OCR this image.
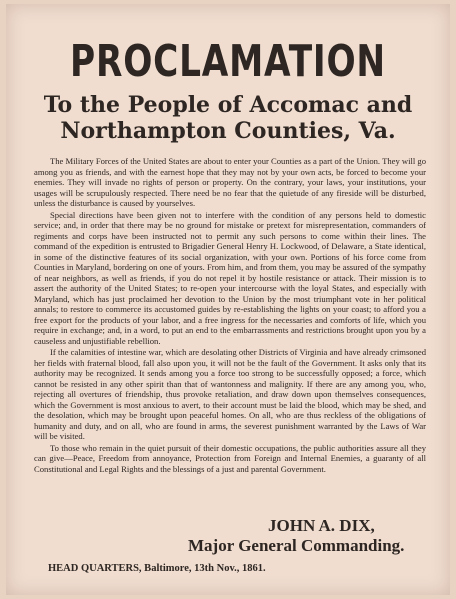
PROCLAMATION
To the People of Accomac and
Northampton Counties, Va.

The Military Forces of the United States are about to enter your Counties as a part of the Union. They will go among you as friends, and with the earnest hope that they may not by your own acts, be forced to become your enemies. They will invade no rights of person or property. On the contrary, your laws, your institutions, your usages will be scrupulously respected. There need be no fear that the quietude of any fireside will be disturbed, unless the disturbance is caused by yourselves.

Special directions have been given not to interfere with the condition of any persons held to domestic service; and, in order that there may be no ground for mistake or pretext for misrepresentation, commanders of regiments and corps have been instructed not to permit any such persons to come within their lines. The command of the expedition is entrusted to Brigadier General Henry H. Lockwood, of Delaware, a State identical, in some of the distinctive features of its social organization, with your own. Portions of his force come from Counties in Maryland, bordering on one of yours. From him, and from them, you may be assured of the sympathy of near neighbors, as well as friends, if you do not repel it by hostile resistance or attack. Their mission is to assert the authority of the United States; to re-open your intercourse with the loyal States, and especially with Maryland, which has just proclaimed her devotion to the Union by the most triumphant vote in her political annals; to restore to commerce its accustomed guides by re-establishing the lights on your coast; to afford you a free export for the products of your labor, and a free ingress for the necessaries and comforts of life, which you require in exchange; and, in a word, to put an end to the embarrassments and restrictions brought upon you by a causeless and unjustifiable rebellion.

If the calamities of intestine war, which are desolating other Districts of Virginia and have already crimsoned her fields with fraternal blood, fall also upon you, it will not be the fault of the Government. It asks only that its authority may be recognized. It sends among you a force too strong to be successfully opposed; a force, which cannot be resisted in any other spirit than that of wantonness and malignity. If there are any among you, who, rejecting all overtures of friendship, thus provoke retaliation, and draw down upon themselves consequences, which the Government is most anxious to avert, to their account must be laid the blood, which may be shed, and the desolation, which may be brought upon peaceful homes. On all, who are thus reckless of the obligations of humanity and duty, and on all, who are found in arms, the severest punishment warranted by the Laws of War will be visited.

To those who remain in the quiet pursuit of their domestic occupations, the public authorities assure all they can give—Peace, Freedom from annoyance, Protection from Foreign and Internal Enemies, a guaranty of all Constitutional and Legal Rights and the blessings of a just and parental Government.

JOHN A. DIX,
Major General Commanding.
HEAD QUARTERS, Baltimore, 13th Nov., 1861.
